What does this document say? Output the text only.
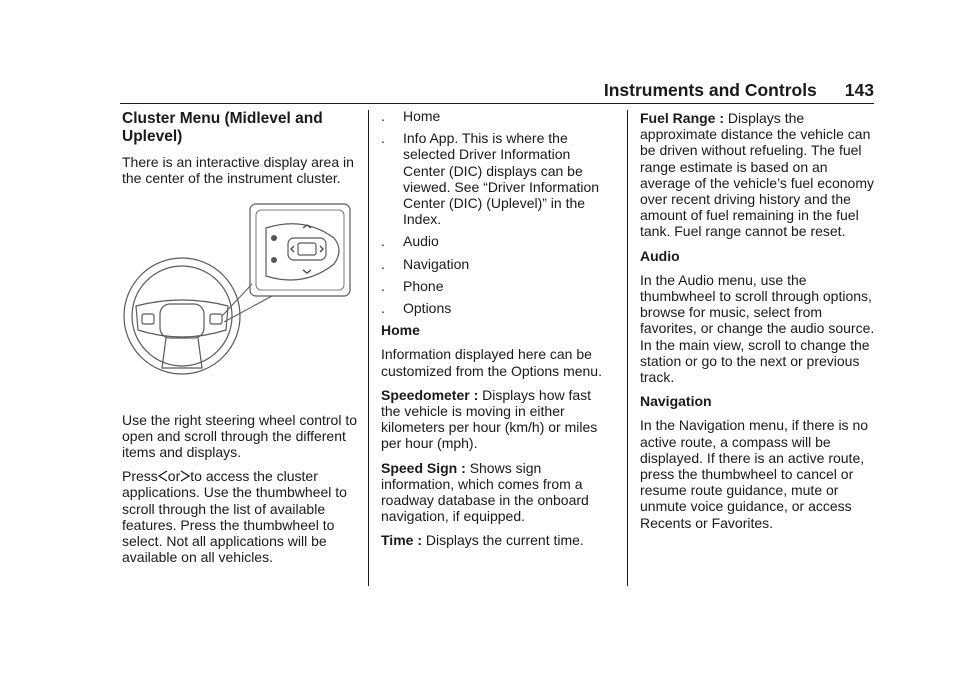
Instruments and Controls 143
Cluster Menu (Midlevel and Uplevel)

There is an interactive display area in the center of the instrument cluster.

Use the right steering wheel control to open and scroll through the different items and displays.

Press or to access the cluster applications. Use the thumbwheel to scroll through the list of available features. Press the thumbwheel to select. Not all applications will be available on all vehicles.

. Home
. Info App. This is where the selected Driver Information Center (DIC) displays can be viewed. See “Driver Information Center (DIC) (Uplevel)” in the Index.
. Audio
. Navigation
. Phone
. Options
Home

Information displayed here can be customized from the Options menu.

Speedometer : Displays how fast the vehicle is moving in either kilometers per hour (km/h) or miles per hour (mph).

Speed Sign : Shows sign information, which comes from a roadway database in the onboard navigation, if equipped.

Time : Displays the current time.

Fuel Range : Displays the approximate distance the vehicle can be driven without refueling. The fuel range estimate is based on an average of the vehicle’s fuel economy over recent driving history and the amount of fuel remaining in the fuel tank. Fuel range cannot be reset.

Audio

In the Audio menu, use the thumbwheel to scroll through options, browse for music, select from favorites, or change the audio source. In the main view, scroll to change the station or go to the next or previous track.

Navigation

In the Navigation menu, if there is no active route, a compass will be displayed. If there is an active route, press the thumbwheel to cancel or resume route guidance, mute or unmute voice guidance, or access Recents or Favorites.
